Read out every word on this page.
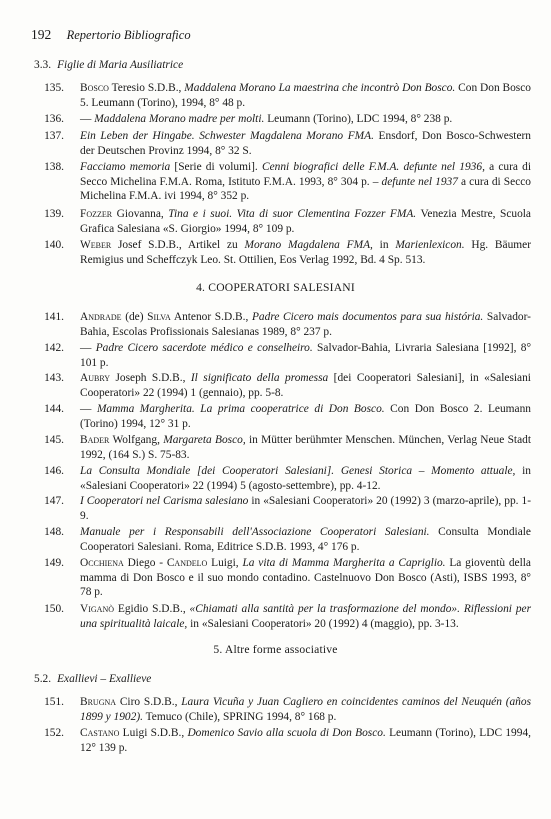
192 Repertorio Bibliografico
3.3. Figlie di Maria Ausiliatrice
135. Bosco Teresio S.D.B., Maddalena Morano La maestrina che incontrò Don Bosco. Con Don Bosco 5. Leumann (Torino), 1994, 8° 48 p.
136. — Maddalena Morano madre per molti. Leumann (Torino), LDC 1994, 8° 238 p.
137. Ein Leben der Hingabe. Schwester Magdalena Morano FMA. Ensdorf, Don Bosco-Schwestern der Deutschen Provinz 1994, 8° 32 S.
138. Facciamo memoria [Serie di volumi]. Cenni biografici delle F.M.A. defunte nel 1936, a cura di Secco Michelina F.M.A. Roma, Istituto F.M.A. 1993, 8° 304 p. – defunte nel 1937 a cura di Secco Michelina F.M.A. ivi 1994, 8° 352 p.
139. Fozzer Giovanna, Tina e i suoi. Vita di suor Clementina Fozzer FMA. Venezia Mestre, Scuola Grafica Salesiana «S. Giorgio» 1994, 8° 109 p.
140. Weber Josef S.D.B., Artikel zu Morano Magdalena FMA, in Marienlexicon. Hg. Bäumer Remigius und Scheffczyk Leo. St. Ottilien, Eos Verlag 1992, Bd. 4 Sp. 513.
4. COOPERATORI SALESIANI
141. Andrade (de) Silva Antenor S.D.B., Padre Cicero mais documentos para sua história. Salvador-Bahia, Escolas Profissionais Salesianas 1989, 8° 237 p.
142. — Padre Cicero sacerdote médico e conselheiro. Salvador-Bahia, Livraria Salesiana [1992], 8° 101 p.
143. Aubry Joseph S.D.B., Il significato della promessa [dei Cooperatori Salesiani], in «Salesiani Cooperatori» 22 (1994) 1 (gennaio), pp. 5-8.
144. — Mamma Margherita. La prima cooperatrice di Don Bosco. Con Don Bosco 2. Leumann (Torino) 1994, 12° 31 p.
145. Bader Wolfgang, Margareta Bosco, in Mütter berühmter Menschen. München, Verlag Neue Stadt 1992, (164 S.) S. 75-83.
146. La Consulta Mondiale [dei Cooperatori Salesiani]. Genesi Storica – Momento attuale, in «Salesiani Cooperatori» 22 (1994) 5 (agosto-settembre), pp. 4-12.
147. I Cooperatori nel Carisma salesiano in «Salesiani Cooperatori» 20 (1992) 3 (marzo-aprile), pp. 1-9.
148. Manuale per i Responsabili dell'Associazione Cooperatori Salesiani. Consulta Mondiale Cooperatori Salesiani. Roma, Editrice S.D.B. 1993, 4° 176 p.
149. Occhiena Diego - Candelo Luigi, La vita di Mamma Margherita a Capriglio. La gioventù della mamma di Don Bosco e il suo mondo contadino. Castelnuovo Don Bosco (Asti), ISBS 1993, 8° 78 p.
150. Viganò Egidio S.D.B., «Chiamati alla santità per la trasformazione del mondo». Riflessioni per una spiritualità laicale, in «Salesiani Cooperatori» 20 (1992) 4 (maggio), pp. 3-13.
5. Altre forme associative
5.2. Exallievi – Exallieve
151. Brugna Ciro S.D.B., Laura Vicuña y Juan Cagliero en coincidentes caminos del Neuquén (años 1899 y 1902). Temuco (Chile), SPRING 1994, 8° 168 p.
152. Castano Luigi S.D.B., Domenico Savio alla scuola di Don Bosco. Leumann (Torino), LDC 1994, 12° 139 p.
